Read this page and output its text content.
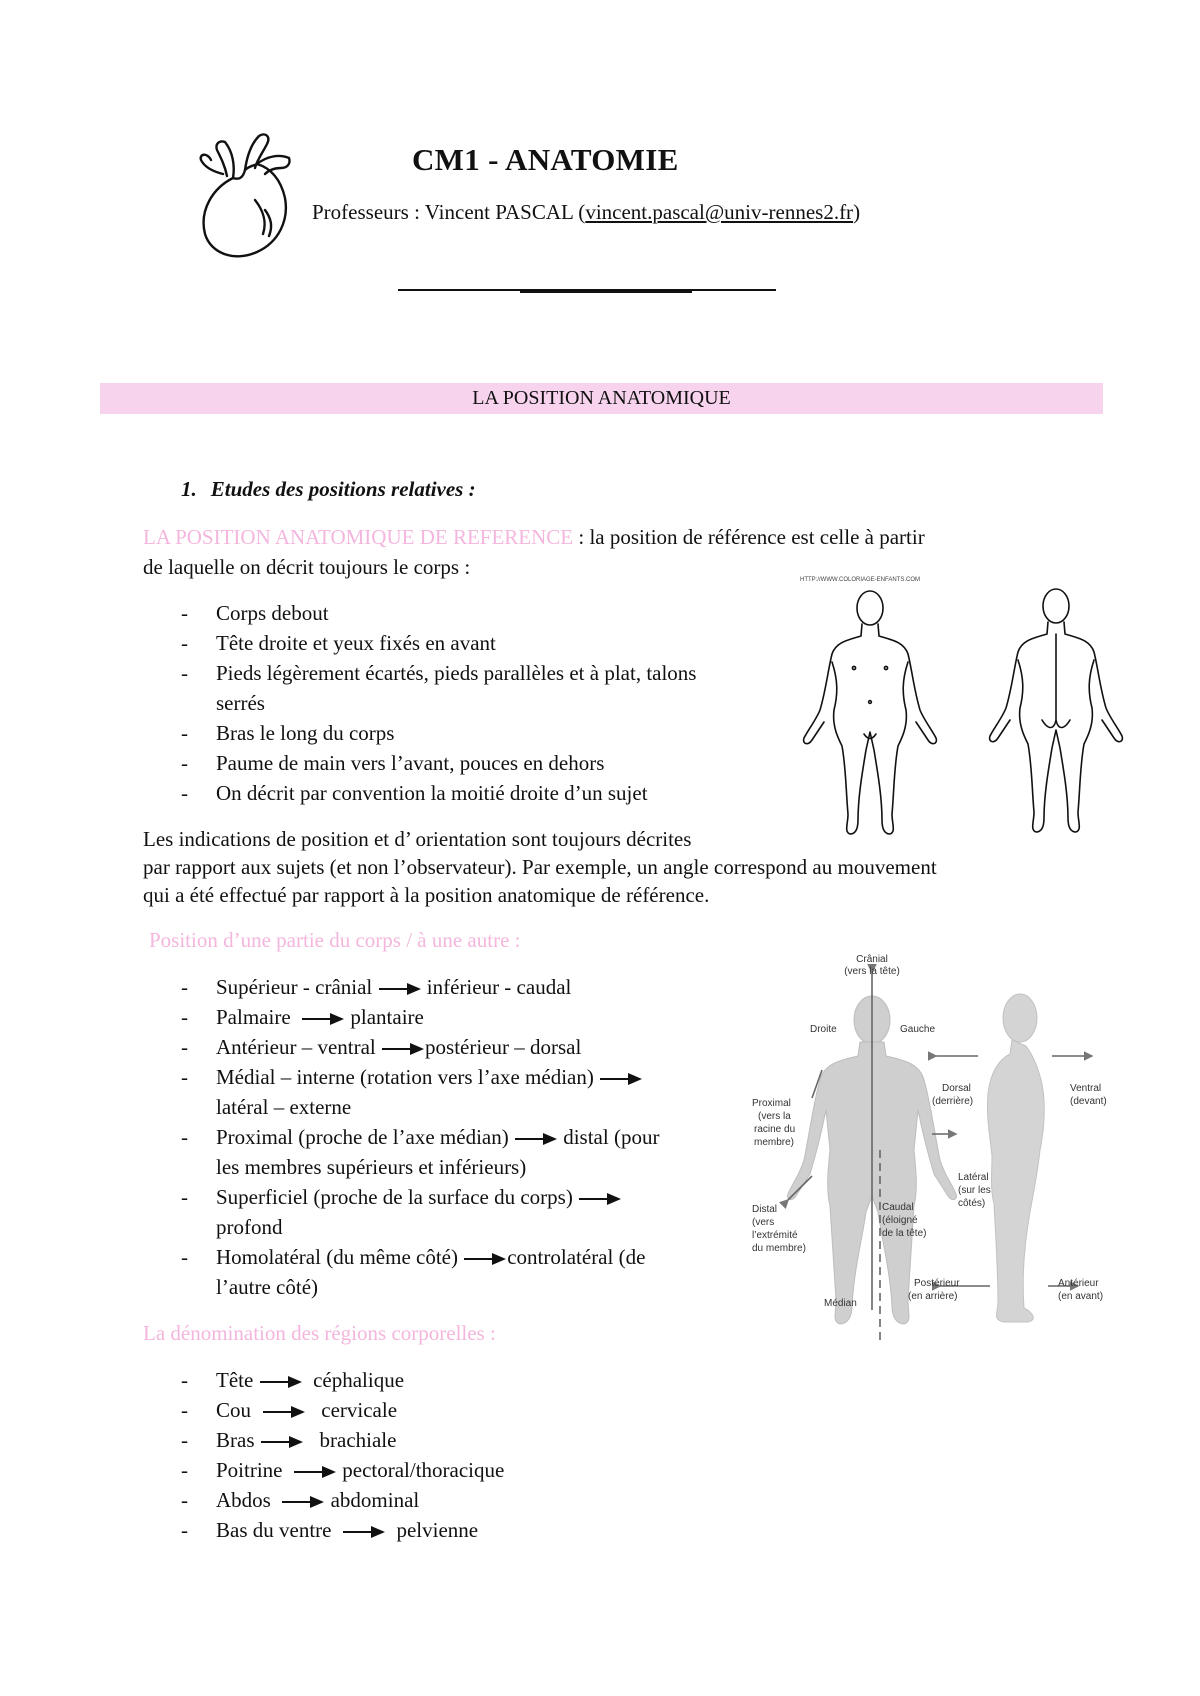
CM1 - ANATOMIE
Professeurs : Vincent PASCAL (vincent.pascal@univ-rennes2.fr)
LA POSITION ANATOMIQUE
1. Etudes des positions relatives :
LA POSITION ANATOMIQUE DE REFERENCE : la position de référence est celle à partir
de laquelle on décrit toujours le corps :
- Corps debout
- Tête droite et yeux fixés en avant
- Pieds légèrement écartés, pieds parallèles et à plat, talons
serrés
- Bras le long du corps
- Paume de main vers l’avant, pouces en dehors
- On décrit par convention la moitié droite d’un sujet
HTTP://WWW.COLORIAGE-ENFANTS.COM
Les indications de position et d’ orientation sont toujours décrites
par rapport aux sujets (et non l’observateur). Par exemple, un angle correspond au mouvement
qui a été effectué par rapport à la position anatomique de référence.
Position d’une partie du corps / à une autre :
- Supérieur - crânial	inférieur - caudal
- Palmaire	plantaire
- Antérieur – ventral postérieur – dorsal
- Médial – interne (rotation vers l’axe médian)
latéral – externe
- Proximal (proche de l’axe médian)	distal (pour
les membres supérieurs et inférieurs)
- Superficiel (proche de la surface du corps)
profond
- Homolatéral (du même côté) controlatéral (de
l’autre côté)
Crânial
(vers la tête)
Droite	Gauche
Proximal
(vers la
racine du
membre)
Dorsal
(derrière)
Ventral
(devant)
Latéral
(sur les
côtés)
Distal
(vers
l’extrémité
du membre)
Caudal
(éloigné
de la tête)
Postérieur
(en arrière)
Antérieur
(en avant)
Médian
La dénomination des régions corporelles :
- Tête	céphalique
- Cou	cervicale
- Bras	brachiale
- Poitrine	pectoral/thoracique
- Abdos	abdominal
- Bas du ventre	pelvienne
